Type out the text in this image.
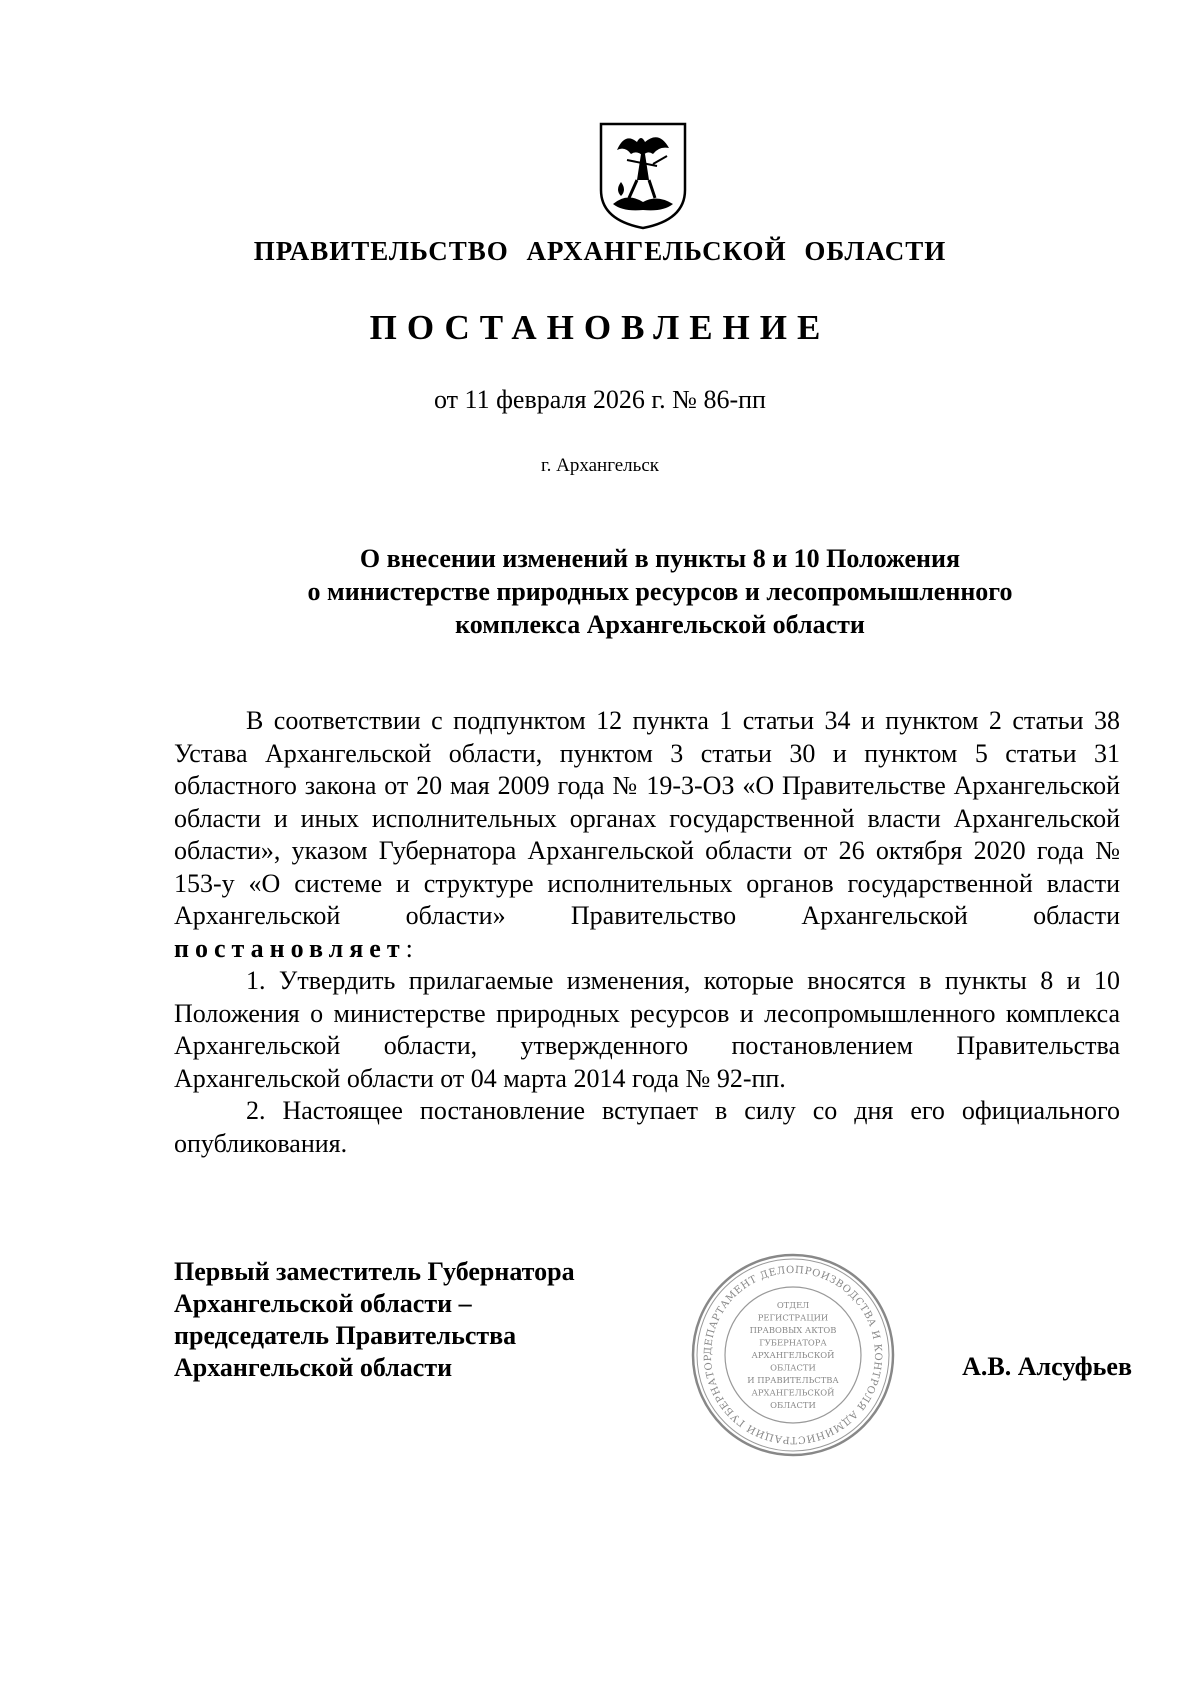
ПРАВИТЕЛЬСТВО АРХАНГЕЛЬСКОЙ ОБЛАСТИ
ПОСТАНОВЛЕНИЕ
от 11 февраля 2026 г. № 86-пп
г. Архангельск
О внесении изменений в пункты 8 и 10 Положения
о министерстве природных ресурсов и лесопромышленного
комплекса Архангельской области

В соответствии с подпунктом 12 пункта 1 статьи 34 и пунктом 2 статьи 38 Устава Архангельской области, пунктом 3 статьи 30 и пунктом 5 статьи 31 областного закона от 20 мая 2009 года № 19-3-ОЗ «О Правительстве Архангельской области и иных исполнительных органах государственной власти Архангельской области», указом Губернатора Архангельской области от 26 октября 2020 года № 153-у «О системе и структуре исполнительных органов государственной власти Архангельской области» Правительство Архангельской области постановляет:

1. Утвердить прилагаемые изменения, которые вносятся в пункты 8 и 10 Положения о министерстве природных ресурсов и лесопромышленного комплекса Архангельской области, утвержденного постановлением Правительства Архангельской области от 04 марта 2014 года № 92-пп.

2. Настоящее постановление вступает в силу со дня его официального опубликования.

Первый заместитель Губернатора
Архангельской области –
председатель Правительства
Архангельской области
ДЕПАРТАМЕНТ ДЕЛОПРОИЗВОДСТВА И КОНТРОЛЯ АДМИНИСТРАЦИИ ГУБЕРНАТОР
ОТДЕЛ
РЕГИСТРАЦИИ
ПРАВОВЫХ АКТОВ
ГУБЕРНАТОРА
АРХАНГЕЛЬСКОЙ
ОБЛАСТИ
И ПРАВИТЕЛЬСТВА
АРХАНГЕЛЬСКОЙ
ОБЛАСТИ
А.В. Алсуфьев
